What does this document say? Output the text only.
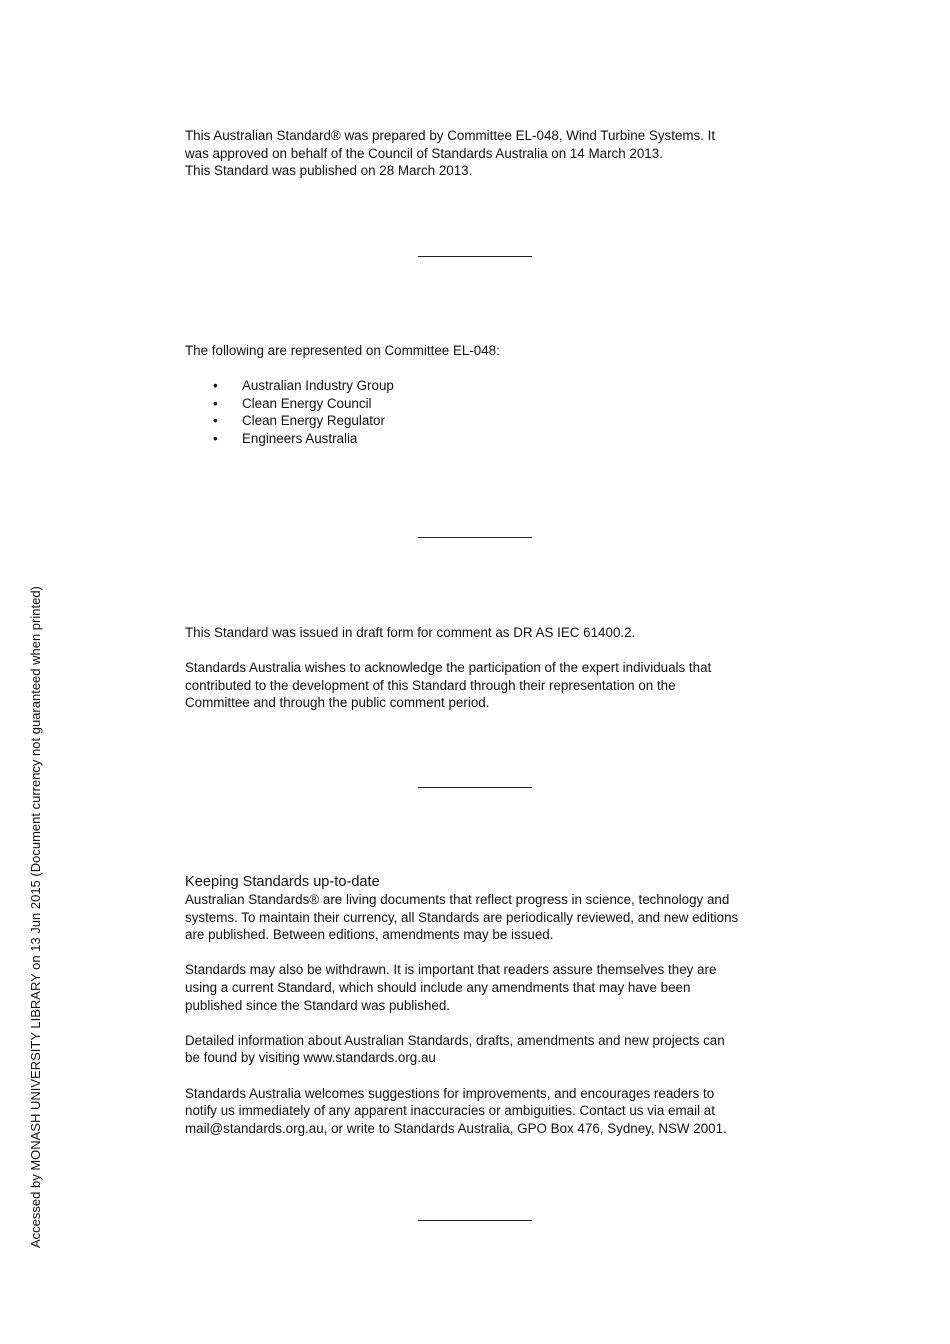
This Australian Standard® was prepared by Committee EL-048, Wind Turbine Systems. It

was approved on behalf of the Council of Standards Australia on 14 March 2013.

This Standard was published on 28 March 2013.

The following are represented on Committee EL-048:

• Australian Industry Group
• Clean Energy Council
• Clean Energy Regulator
• Engineers Australia

This Standard was issued in draft form for comment as DR AS IEC 61400.2.

Standards Australia wishes to acknowledge the participation of the expert individuals that

contributed to the development of this Standard through their representation on the

Committee and through the public comment period.

Keeping Standards up-to-date

Australian Standards® are living documents that reflect progress in science, technology and

systems. To maintain their currency, all Standards are periodically reviewed, and new editions

are published. Between editions, amendments may be issued.

Standards may also be withdrawn. It is important that readers assure themselves they are

using a current Standard, which should include any amendments that may have been

published since the Standard was published.

Detailed information about Australian Standards, drafts, amendments and new projects can

be found by visiting www.standards.org.au

Standards Australia welcomes suggestions for improvements, and encourages readers to

notify us immediately of any apparent inaccuracies or ambiguities. Contact us via email at

mail@standards.org.au, or write to Standards Australia, GPO Box 476, Sydney, NSW 2001.

Accessed by MONASH UNIVERSITY LIBRARY on 13 Jun 2015 (Document currency not guaranteed when printed)
